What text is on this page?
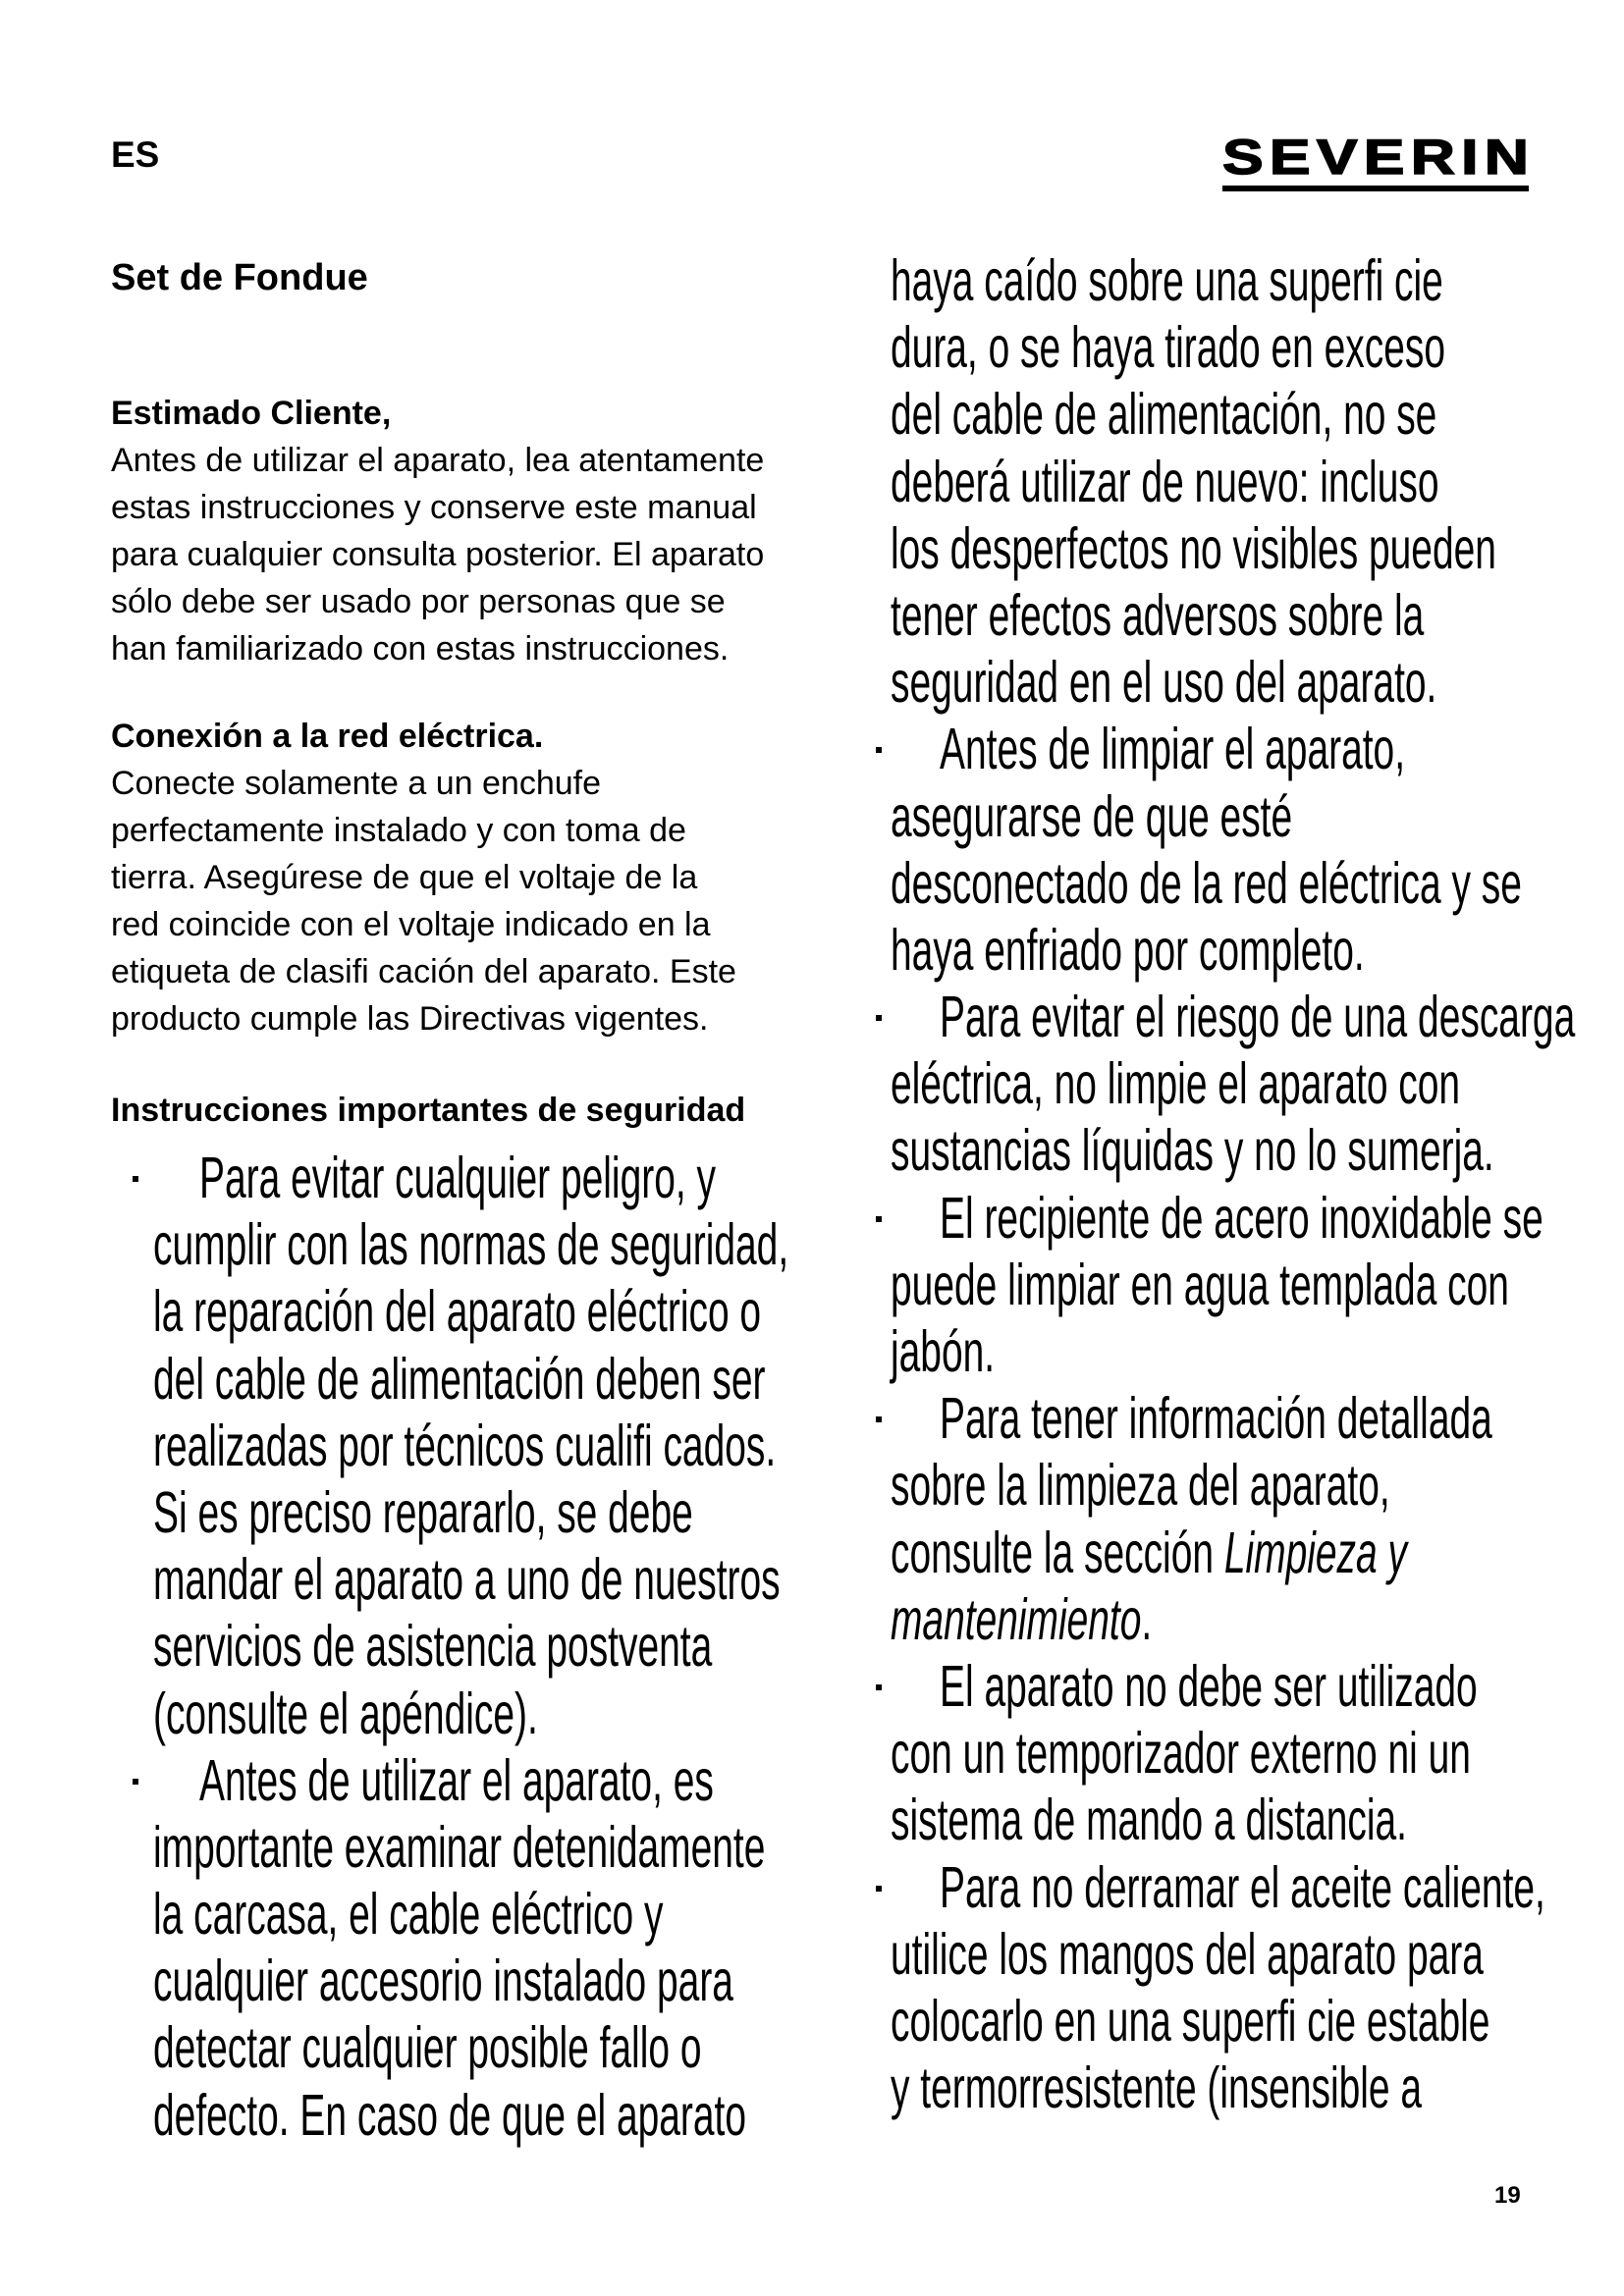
ES	SEVERIN
Set de Fondue
Estimado Cliente,
Antes de utilizar el aparato, lea atentamente
estas instrucciones y conserve este manual
para cualquier consulta posterior. El aparato
sólo debe ser usado por personas que se
han familiarizado con estas instrucciones.
Conexión a la red eléctrica.
Conecte solamente a un enchufe
perfectamente instalado y con toma de
tierra. Asegúrese de que el voltaje de la
red coincide con el voltaje indicado en la
etiqueta de clasifi cación del aparato. Este
producto cumple las Directivas vigentes.
Instrucciones importantes de seguridad
Para evitar cualquier peligro, y
cumplir con las normas de seguridad,
la reparación del aparato eléctrico o
del cable de alimentación deben ser
realizadas por técnicos cualifi cados.
Si es preciso repararlo, se debe
mandar el aparato a uno de nuestros
servicios de asistencia postventa
(consulte el apéndice).
Antes de utilizar el aparato, es
importante examinar detenidamente
la carcasa, el cable eléctrico y
cualquier accesorio instalado para
detectar cualquier posible fallo o
defecto. En caso de que el aparato
haya caído sobre una superfi cie
dura, o se haya tirado en exceso
del cable de alimentación, no se
deberá utilizar de nuevo: incluso
los desperfectos no visibles pueden
tener efectos adversos sobre la
seguridad en el uso del aparato.
Antes de limpiar el aparato,
asegurarse de que esté
desconectado de la red eléctrica y se
haya enfriado por completo.
Para evitar el riesgo de una descarga
eléctrica, no limpie el aparato con
sustancias líquidas y no lo sumerja.
El recipiente de acero inoxidable se
puede limpiar en agua templada con
jabón.
Para tener información detallada
sobre la limpieza del aparato,
consulte la sección Limpieza y
mantenimiento.
El aparato no debe ser utilizado
con un temporizador externo ni un
sistema de mando a distancia.
Para no derramar el aceite caliente,
utilice los mangos del aparato para
colocarlo en una superfi cie estable
y termorresistente (insensible a
19
